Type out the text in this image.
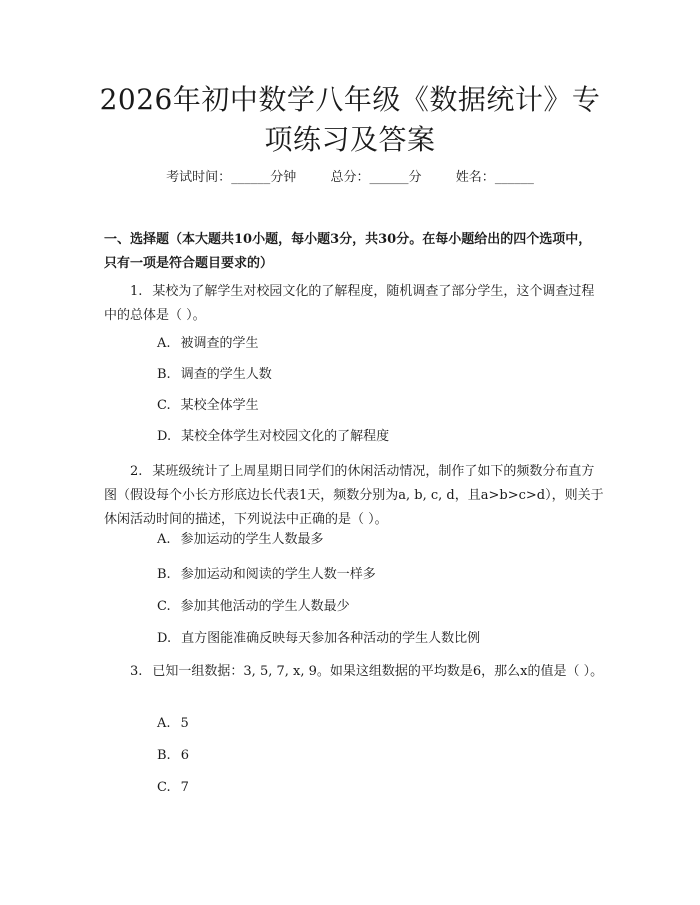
2026年初中数学八年级《数据统计》专项练习及答案
考试时间：______分钟	总分：______分	姓名：______

一、选择题（本大题共10小题，每小题3分，共30分。在每小题给出的四个选项中，只有一项是符合题目要求的）

1. 某校为了解学生对校园文化的了解程度，随机调查了部分学生，这个调查过程中的总体是（ ）。

A. 被调查的学生

B. 调查的学生人数

C. 某校全体学生

D. 某校全体学生对校园文化的了解程度

2. 某班级统计了上周星期日同学们的休闲活动情况，制作了如下的频数分布直方图（假设每个小长方形底边长代表1天，频数分别为a, b, c, d，且a>b>c>d），则关于休闲活动时间的描述，下列说法中正确的是（ ）。

A. 参加运动的学生人数最多

B. 参加运动和阅读的学生人数一样多

C. 参加其他活动的学生人数最少

D. 直方图能准确反映每天参加各种活动的学生人数比例

3. 已知一组数据：3, 5, 7, x, 9。如果这组数据的平均数是6，那么x的值是（ ）。

A. 5

B. 6

C. 7
